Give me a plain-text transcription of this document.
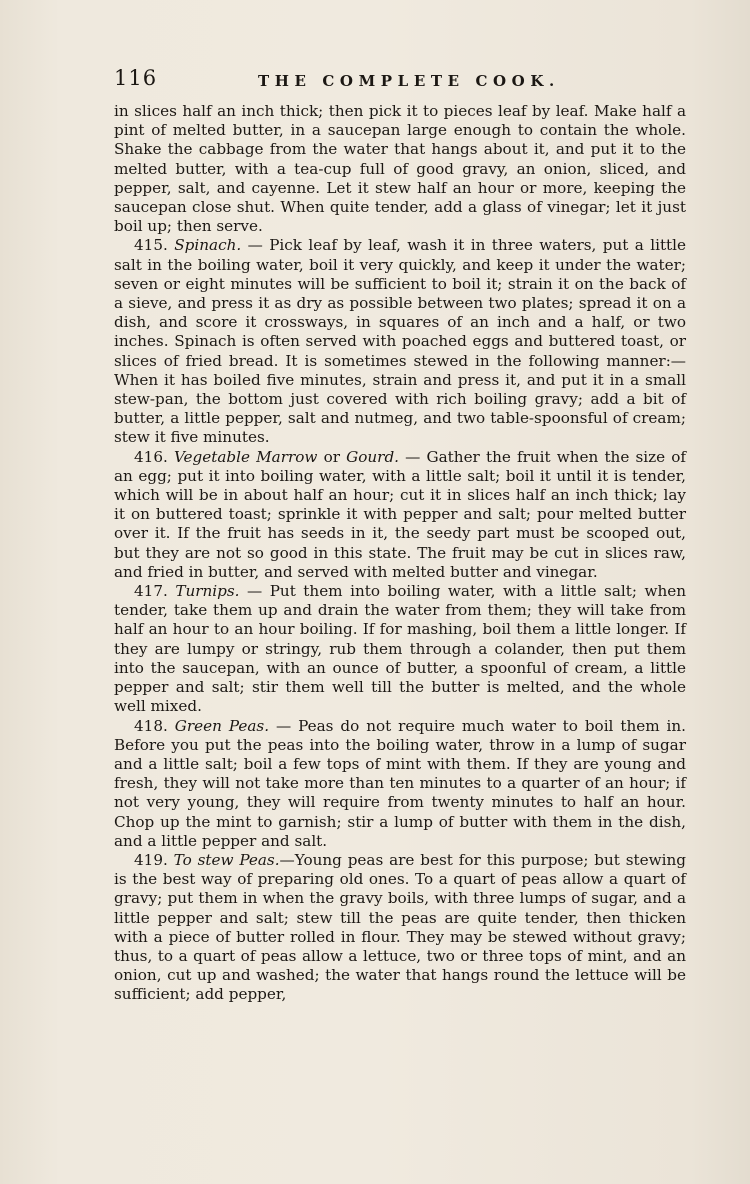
116	THE COMPLETE COOK.

in slices half an inch thick; then pick it to pieces leaf by leaf. Make half a pint of melted butter, in a saucepan large enough to contain the whole. Shake the cabbage from the water that hangs about it, and put it to the melted butter, with a tea-cup full of good gravy, an onion, sliced, and pepper, salt, and cayenne. Let it stew half an hour or more, keeping the saucepan close shut. When quite tender, add a glass of vinegar; let it just boil up; then serve.

415. Spinach. — Pick leaf by leaf, wash it in three waters, put a little salt in the boiling water, boil it very quickly, and keep it under the water; seven or eight minutes will be sufficient to boil it; strain it on the back of a sieve, and press it as dry as possible between two plates; spread it on a dish, and score it crossways, in squares of an inch and a half, or two inches. Spinach is often served with poached eggs and buttered toast, or slices of fried bread. It is sometimes stewed in the following manner:—When it has boiled five minutes, strain and press it, and put it in a small stew-pan, the bottom just covered with rich boiling gravy; add a bit of butter, a little pepper, salt and nutmeg, and two table-spoonsful of cream; stew it five minutes.

416. Vegetable Marrow or Gourd. — Gather the fruit when the size of an egg; put it into boiling water, with a little salt; boil it until it is tender, which will be in about half an hour; cut it in slices half an inch thick; lay it on buttered toast; sprinkle it with pepper and salt; pour melted butter over it. If the fruit has seeds in it, the seedy part must be scooped out, but they are not so good in this state. The fruit may be cut in slices raw, and fried in butter, and served with melted butter and vinegar.

417. Turnips. — Put them into boiling water, with a little salt; when tender, take them up and drain the water from them; they will take from half an hour to an hour boiling. If for mashing, boil them a little longer. If they are lumpy or stringy, rub them through a colander, then put them into the saucepan, with an ounce of butter, a spoonful of cream, a little pepper and salt; stir them well till the butter is melted, and the whole well mixed.

418. Green Peas. — Peas do not require much water to boil them in. Before you put the peas into the boiling water, throw in a lump of sugar and a little salt; boil a few tops of mint with them. If they are young and fresh, they will not take more than ten minutes to a quarter of an hour; if not very young, they will require from twenty minutes to half an hour. Chop up the mint to garnish; stir a lump of butter with them in the dish, and a little pepper and salt.

419. To stew Peas.—Young peas are best for this purpose; but stewing is the best way of preparing old ones. To a quart of peas allow a quart of gravy; put them in when the gravy boils, with three lumps of sugar, and a little pepper and salt; stew till the peas are quite tender, then thicken with a piece of butter rolled in flour. They may be stewed without gravy; thus, to a quart of peas allow a lettuce, two or three tops of mint, and an onion, cut up and washed; the water that hangs round the lettuce will be sufficient; add pepper,
